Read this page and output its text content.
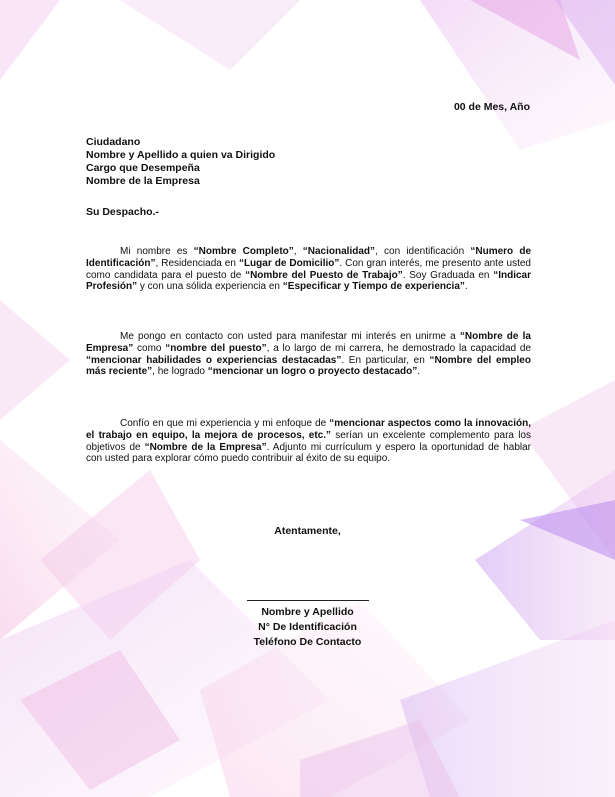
00 de Mes, Año
Ciudadano
Nombre y Apellido a quien va Dirigido
Cargo que Desempeña
Nombre de la Empresa
Su Despacho.-

Mi nombre es “Nombre Completo”, “Nacionalidad”, con identificación “Numero de Identificación”, Residenciada en “Lugar de Domicilio”. Con gran interés, me presento ante usted como candidata para el puesto de “Nombre del Puesto de Trabajo”. Soy Graduada en “Indicar Profesión” y con una sólida experiencia en “Especificar y Tiempo de experiencia”.

Me pongo en contacto con usted para manifestar mi interés en unirme a “Nombre de la Empresa” como “nombre del puesto”, a lo largo de mi carrera, he demostrado la capacidad de “mencionar habilidades o experiencias destacadas”. En particular, en “Nombre del empleo más reciente”, he logrado “mencionar un logro o proyecto destacado”.

Confío en que mi experiencia y mi enfoque de “mencionar aspectos como la innovación, el trabajo en equipo, la mejora de procesos, etc.” serían un excelente complemento para los objetivos de “Nombre de la Empresa”. Adjunto mi currículum y espero la oportunidad de hablar con usted para explorar cómo puedo contribuir al éxito de su equipo.

Atentamente,
Nombre y Apellido
N° De Identificación
Teléfono De Contacto
